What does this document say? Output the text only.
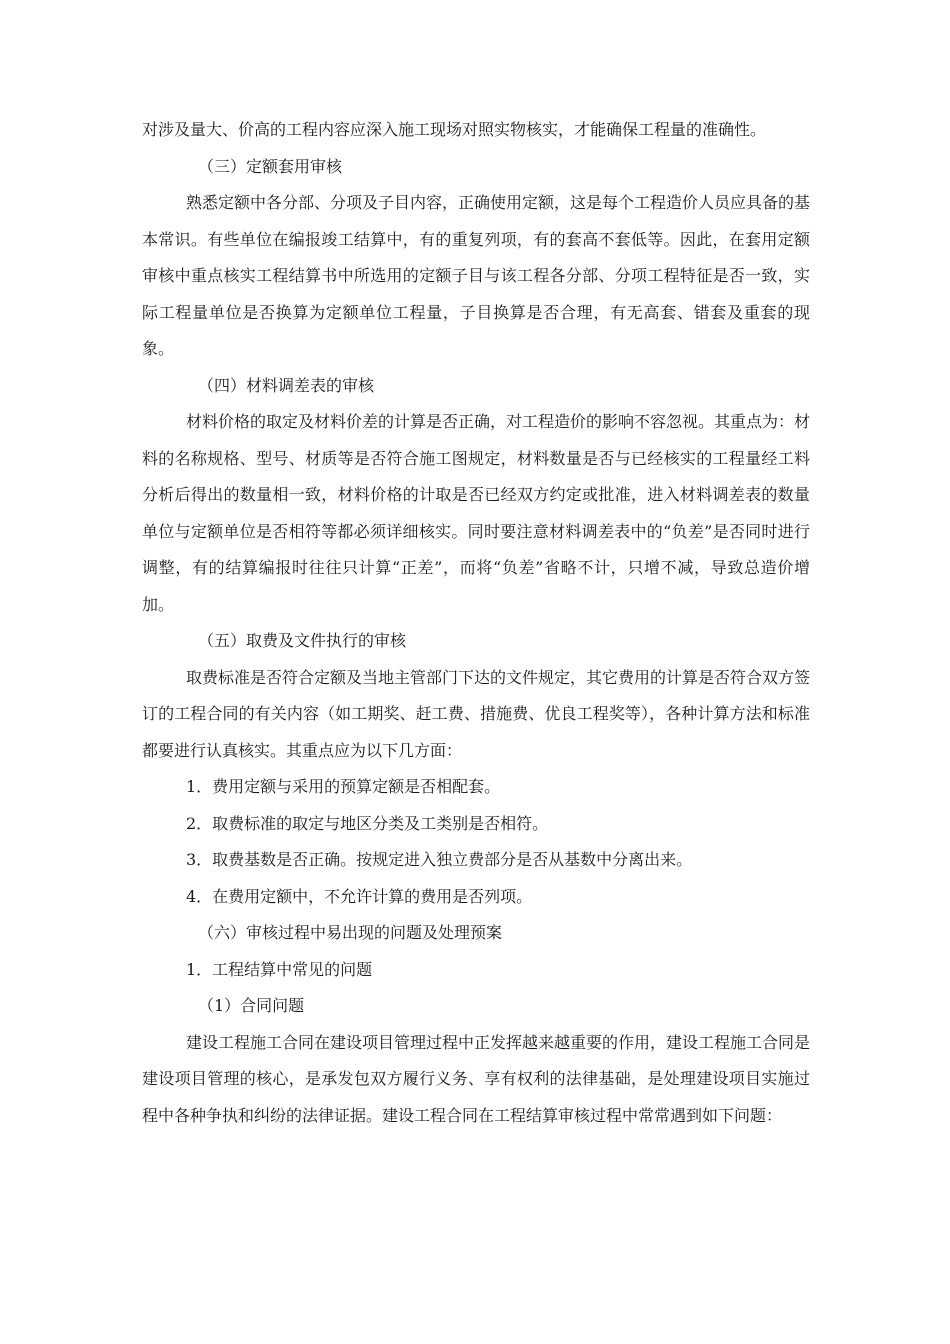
对涉及量大、价高的工程内容应深入施工现场对照实物核实，才能确保工程量的准确性。

（三）定额套用审核

熟悉定额中各分部、分项及子目内容，正确使用定额，这是每个工程造价人员应具备的基本常识。有些单位在编报竣工结算中，有的重复列项，有的套高不套低等。因此，在套用定额审核中重点核实工程结算书中所选用的定额子目与该工程各分部、分项工程特征是否一致，实际工程量单位是否换算为定额单位工程量，子目换算是否合理，有无高套、错套及重套的现象。

（四）材料调差表的审核

材料价格的取定及材料价差的计算是否正确，对工程造价的影响不容忽视。其重点为：材料的名称规格、型号、材质等是否符合施工图规定，材料数量是否与已经核实的工程量经工料分析后得出的数量相一致，材料价格的计取是否已经双方约定或批准，进入材料调差表的数量单位与定额单位是否相符等都必须详细核实。同时要注意材料调差表中的“负差”是否同时进行调整，有的结算编报时往往只计算“正差”，而将“负差”省略不计，只增不减，导致总造价增加。

（五）取费及文件执行的审核

取费标准是否符合定额及当地主管部门下达的文件规定，其它费用的计算是否符合双方签订的工程合同的有关内容（如工期奖、赶工费、措施费、优良工程奖等），各种计算方法和标准都要进行认真核实。其重点应为以下几方面：

1．费用定额与采用的预算定额是否相配套。

2．取费标准的取定与地区分类及工类别是否相符。

3．取费基数是否正确。按规定进入独立费部分是否从基数中分离出来。

4．在费用定额中，不允许计算的费用是否列项。

（六）审核过程中易出现的问题及处理预案

1．工程结算中常见的问题

（1）合同问题

建设工程施工合同在建设项目管理过程中正发挥越来越重要的作用，建设工程施工合同是建设项目管理的核心，是承发包双方履行义务、享有权利的法律基础，是处理建设项目实施过程中各种争执和纠纷的法律证据。建设工程合同在工程结算审核过程中常常遇到如下问题：
